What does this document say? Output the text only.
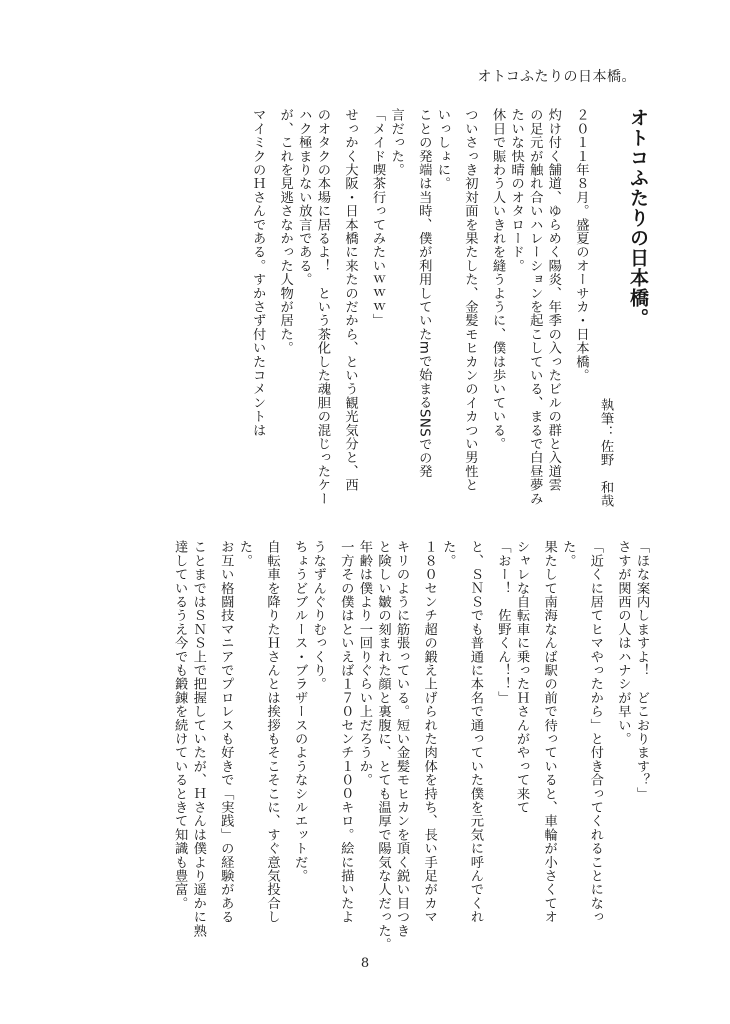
オトコふたりの日本橋。
オトコふたりの日本橋。
執筆：佐野　和哉
２０１１年８月。盛夏のオーサカ・日本橋。
灼け付く舗道、ゆらめく陽炎、年季の入ったビルの群と入道雲
の足元が触れ合いハレーションを起こしている、まるで白昼夢み
たいな快晴のオタロード。
休日で賑わう人いきれを縫うように、僕は歩いている。
ついさっき初対面を果たした、金髪モヒカンのイカつい男性と
いっしょに。
ことの発端は当時、僕が利用していたmで始まるSNSでの発
言だった。
「メイド喫茶行ってみたいｗｗｗ」
せっかく大阪・日本橋に来たのだから、という観光気分と、西
のオタクの本場に居るよ！　という茶化した魂胆の混じったケー
ハク極まりない放言である。
が、これを見逃さなかった人物が居た。
マイミクのＨさんである。すかさず付いたコメントは
「ほな案内しますよ！　どこおります？」
さすが関西の人はハナシが早い。
「近くに居てヒマやったから」と付き合ってくれることになっ
た。
果たして南海なんば駅の前で待っていると、車輪が小さくてオ
シャレな自転車に乗ったＨさんがやって来て
「おー！　佐野くん！！」
と、ＳＮＳでも普通に本名で通っていた僕を元気に呼んでくれ
た。
１８０センチ超の鍛え上げられた肉体を持ち、長い手足がカマ
キリのように筋張っている。短い金髪モヒカンを頂く鋭い目つき
と険しい皺の刻まれた顔と裏腹に、とても温厚で陽気な人だった。
年齢は僕より一回りぐらい上だろうか。
一方その僕はといえば１７０センチ１００キロ。絵に描いたよ
うなずんぐりむっくり。
ちょうどブルース・ブラザースのようなシルエットだ。
自転車を降りたＨさんとは挨拶もそこそこに、すぐ意気投合し
た。
お互い格闘技マニアでプロレスも好きで「実践」の経験がある
ことまではＳＮＳ上で把握していたが、Ｈさんは僕より遥かに熟
達しているうえ今でも鍛錬を続けているときて知識も豊富。
8
